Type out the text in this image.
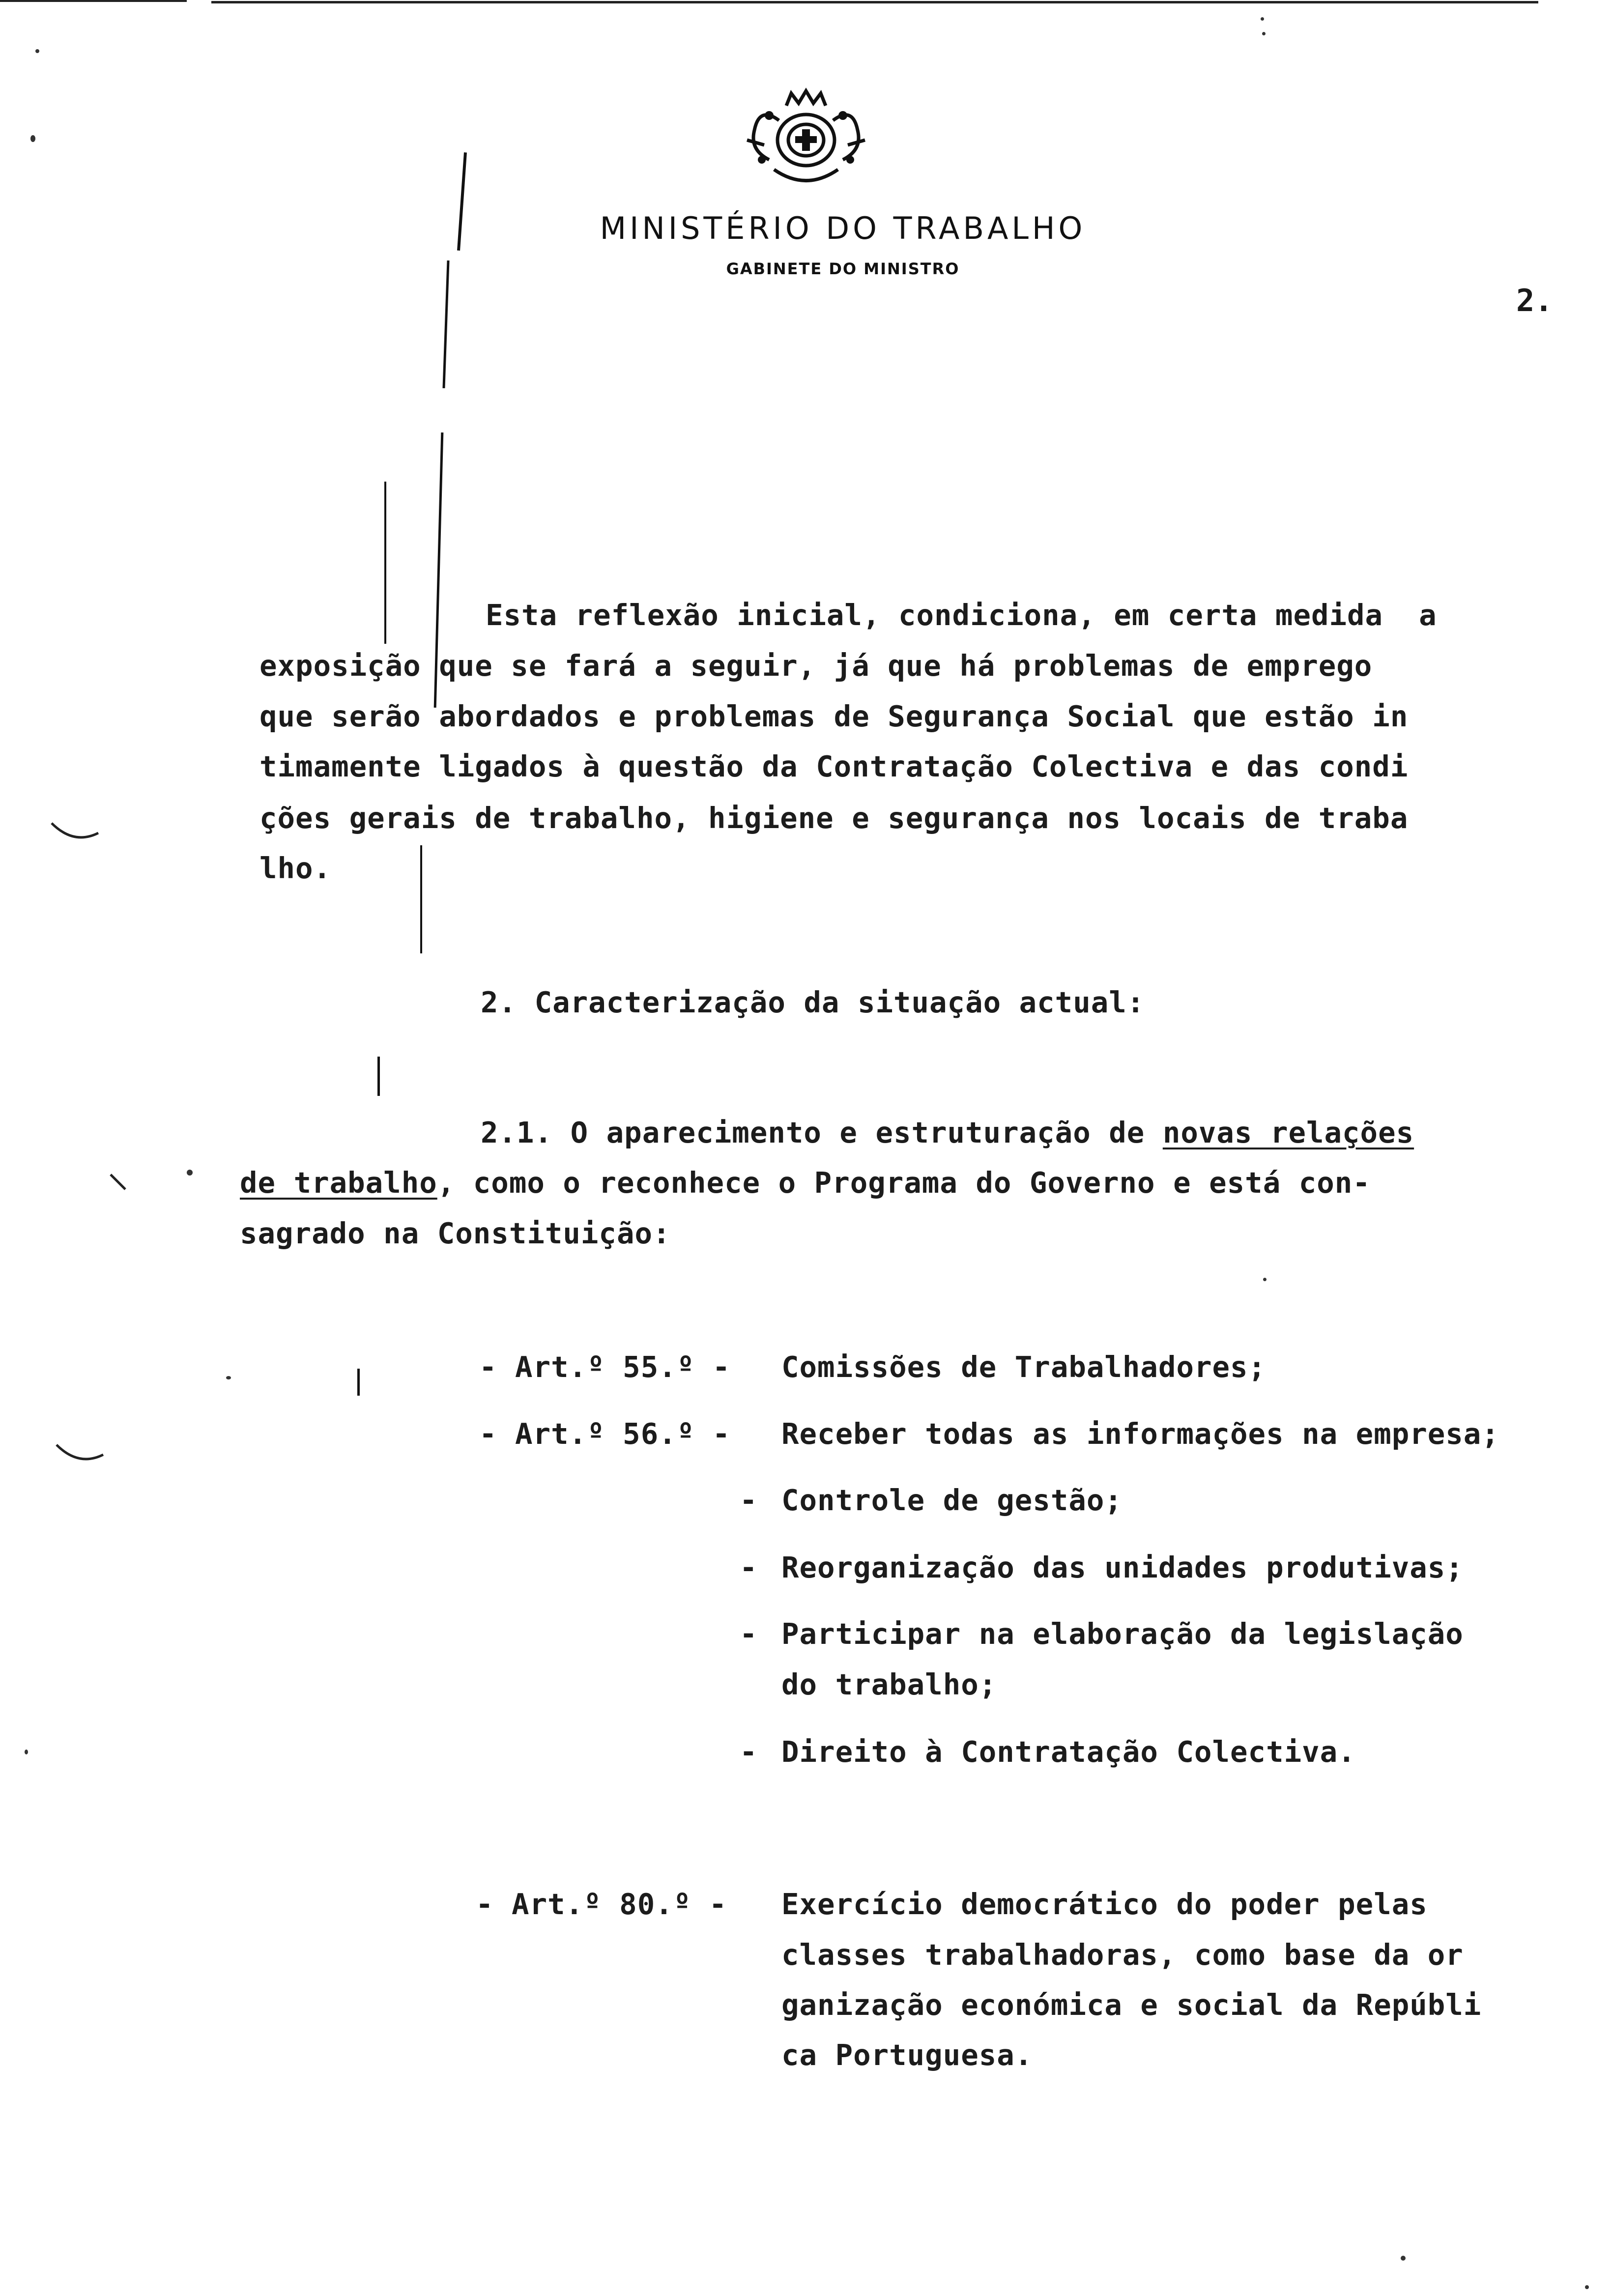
MINISTÉRIO DO TRABALHO
GABINETE DO MINISTRO
2.
Esta reflexão inicial, condiciona, em certa medida  a
exposição que se fará a seguir, já que há problemas de emprego
que serão abordados e problemas de Segurança Social que estão in
timamente ligados à questão da Contratação Colectiva e das condi
ções gerais de trabalho, higiene e segurança nos locais de traba
lho.
2. Caracterização da situação actual:
2.1. O aparecimento e estruturação de novas relações
de trabalho, como o reconhece o Programa do Governo e está con-
sagrado na Constituição:
- Art.º 55.º - Comissões de Trabalhadores;
- Art.º 56.º - Receber todas as informações na empresa;
- Controle de gestão;
- Reorganização das unidades produtivas;
- Participar na elaboração da legislação
do trabalho;
- Direito à Contratação Colectiva.
- Art.º 80.º - Exercício democrático do poder pelas
classes trabalhadoras, como base da or
ganização económica e social da Repúbli
ca Portuguesa.
